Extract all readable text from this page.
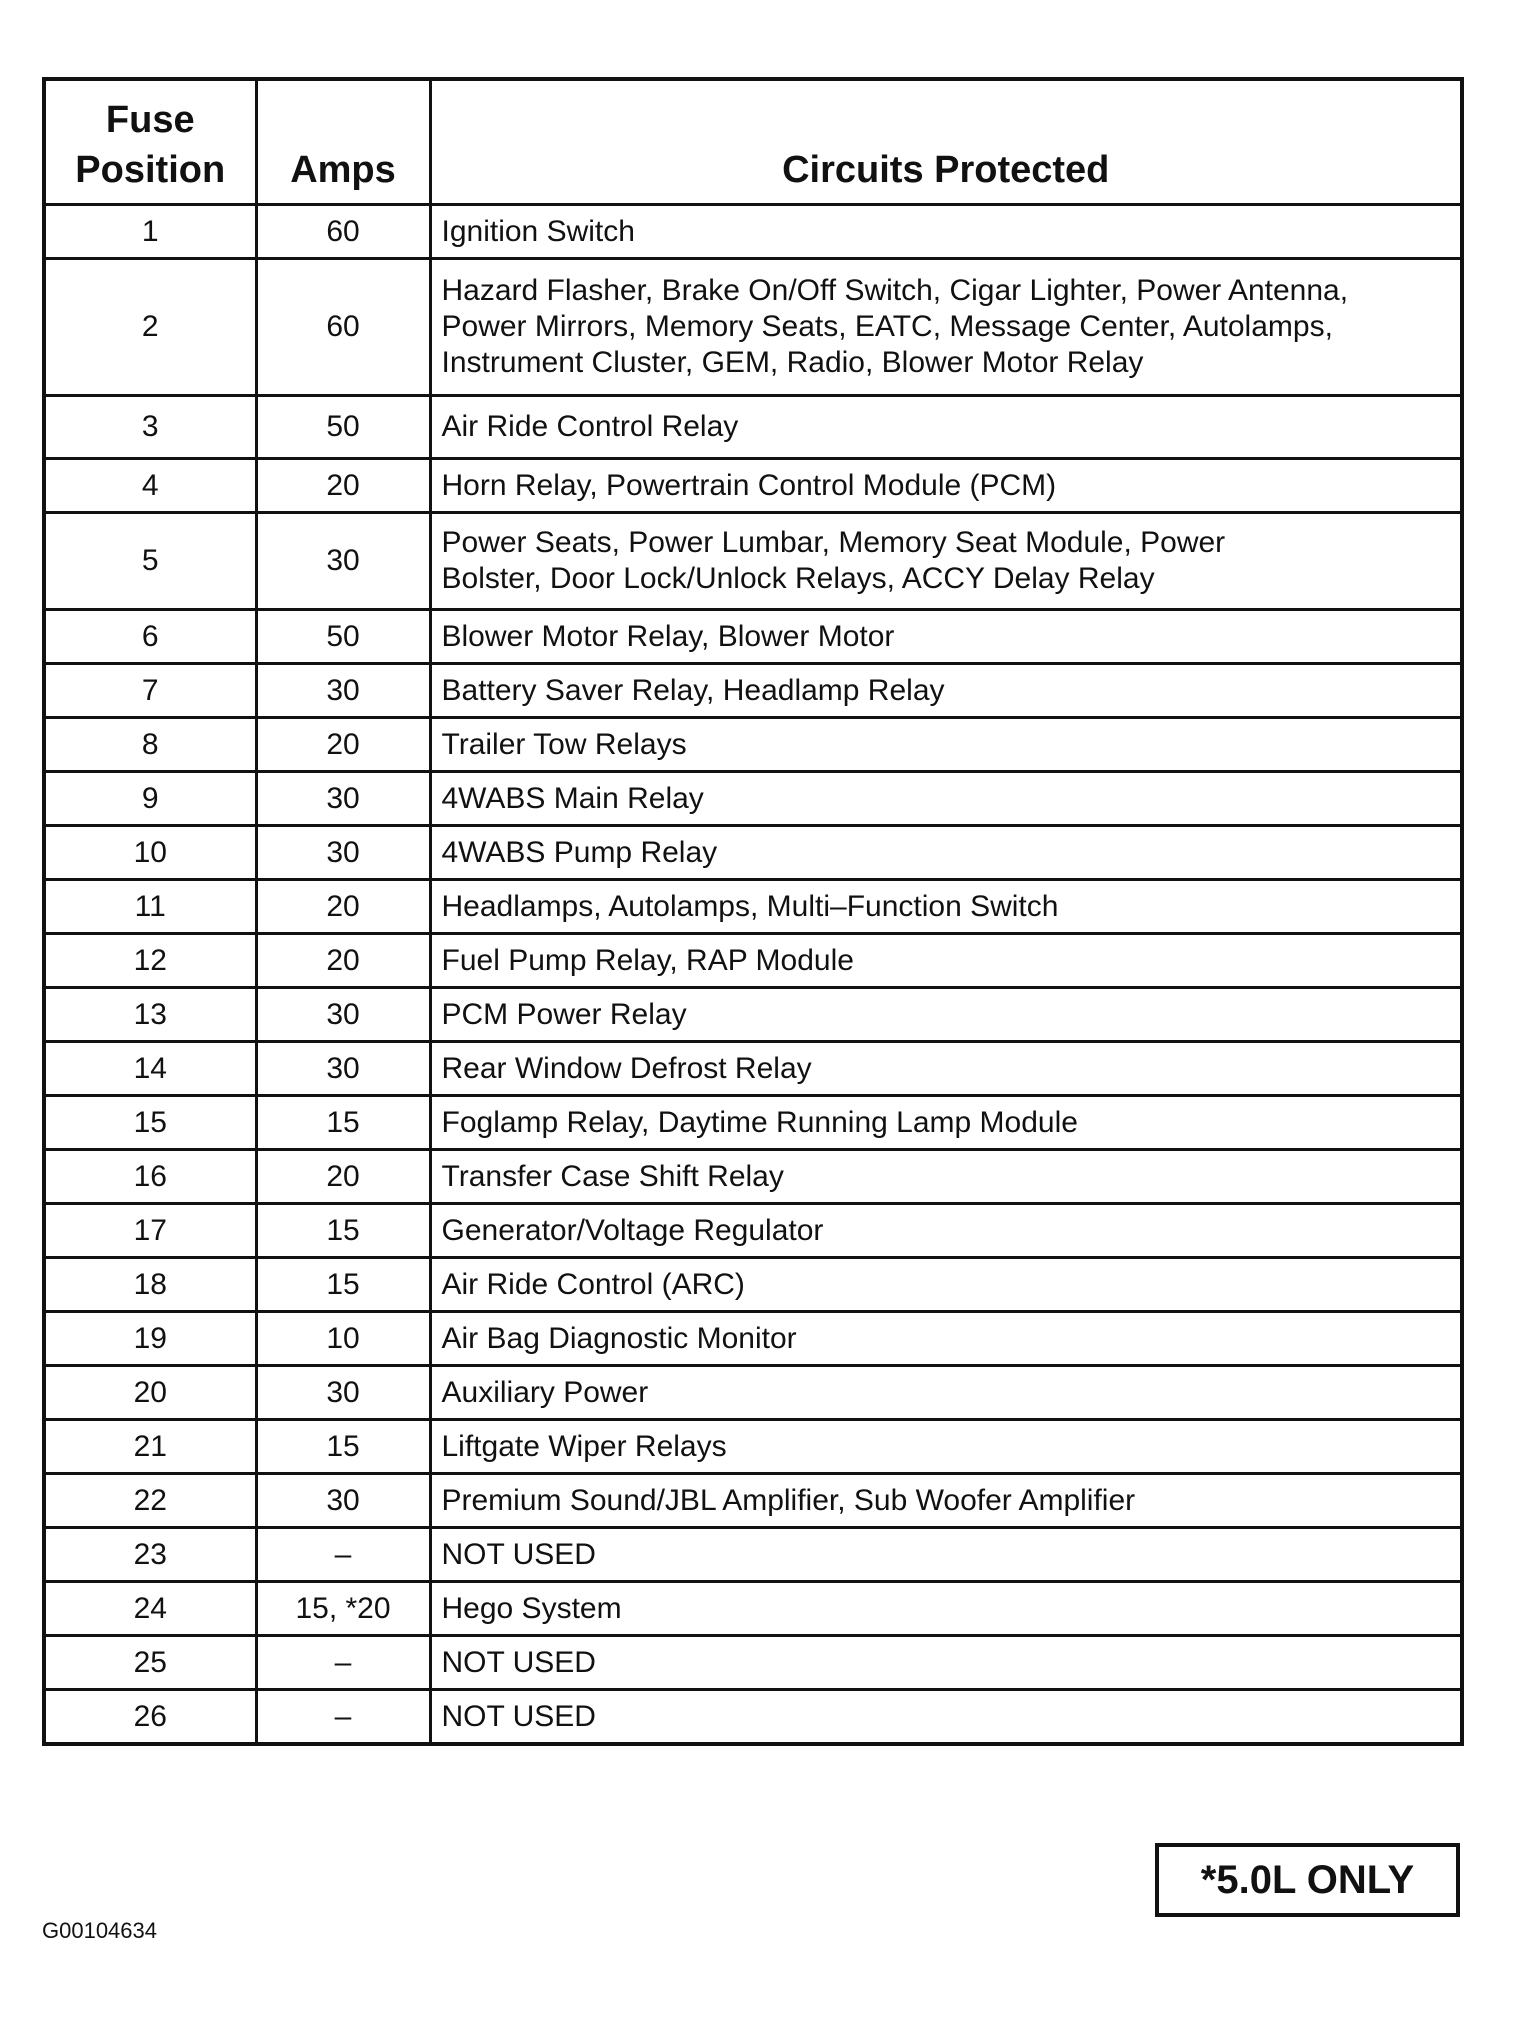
Fuse
Position	Amps	Circuits Protected
1	60	Ignition Switch

2	60	Hazard Flasher, Brake On/Off Switch, Cigar Lighter, Power Antenna,
Power Mirrors, Memory Seats, EATC, Message Center, Autolamps,
Instrument Cluster, GEM, Radio, Blower Motor Relay

3	50	Air Ride Control Relay

4	20	Horn Relay, Powertrain Control Module (PCM)

5	30	Power Seats, Power Lumbar, Memory Seat Module, Power
Bolster, Door Lock/Unlock Relays, ACCY Delay Relay

6	50	Blower Motor Relay, Blower Motor

7	30	Battery Saver Relay, Headlamp Relay

8	20	Trailer Tow Relays

9	30	4WABS Main Relay

10	30	4WABS Pump Relay

11	20	Headlamps, Autolamps, Multi–Function Switch

12	20	Fuel Pump Relay, RAP Module

13	30	PCM Power Relay

14	30	Rear Window Defrost Relay

15	15	Foglamp Relay, Daytime Running Lamp Module

16	20	Transfer Case Shift Relay

17	15	Generator/Voltage Regulator

18	15	Air Ride Control (ARC)

19	10	Air Bag Diagnostic Monitor

20	30	Auxiliary Power

21	15	Liftgate Wiper Relays

22	30	Premium Sound/JBL Amplifier, Sub Woofer Amplifier

23	–	NOT USED

24	15, *20	Hego System

25	–	NOT USED

26	–	NOT USED
*5.0L ONLY
G00104634
